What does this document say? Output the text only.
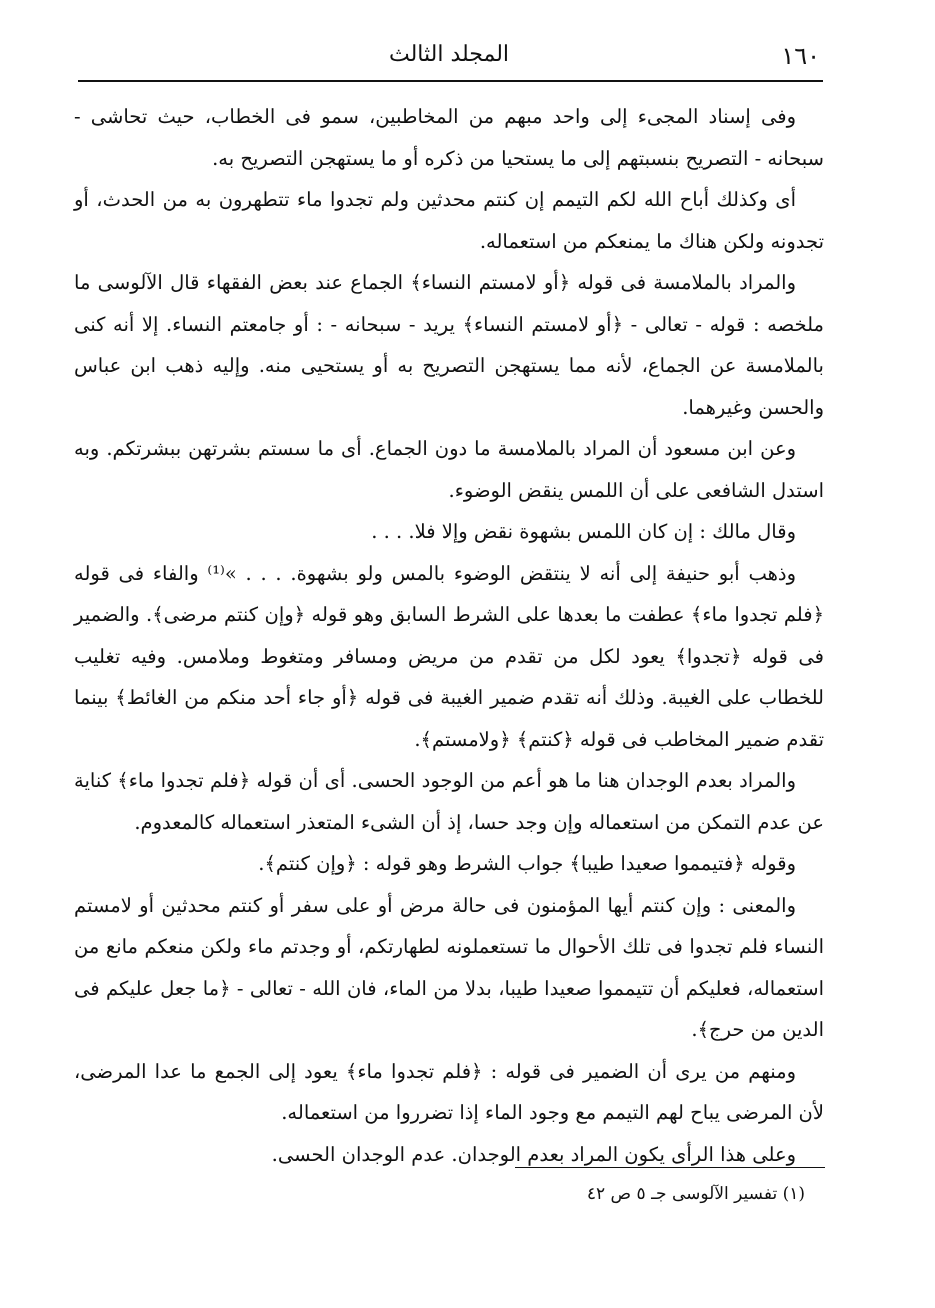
١٦٠
المجلد الثالث

وفى إسناد المجىء إلى واحد مبهم من المخاطبين، سمو فى الخطاب، حيث تحاشى - سبحانه - التصريح بنسبتهم إلى ما يستحيا من ذكره أو ما يستهجن التصريح به.

أى وكذلك أباح الله لكم التيمم إن كنتم محدثين ولم تجدوا ماء تتطهرون به من الحدث، أو تجدونه ولكن هناك ما يمنعكم من استعماله.

والمراد بالملامسة فى قوله ﴿أو لامستم النساء﴾ الجماع عند بعض الفقهاء قال الآلوسى ما ملخصه : قوله - تعالى - ﴿أو لامستم النساء﴾ يريد - سبحانه - : أو جامعتم النساء. إلا أنه كنى بالملامسة عن الجماع، لأنه مما يستهجن التصريح به أو يستحيى منه. وإليه ذهب ابن عباس والحسن وغيرهما.

وعن ابن مسعود أن المراد بالملامسة ما دون الجماع. أى ما سستم بشرتهن ببشرتكم. وبه استدل الشافعى على أن اللمس ينقض الوضوء.

وقال مالك : إن كان اللمس بشهوة نقض وإلا فلا. . . .

وذهب أبو حنيفة إلى أنه لا ينتقض الوضوء بالمس ولو بشهوة. . . . »⁽¹⁾ والفاء فى قوله ﴿فلم تجدوا ماء﴾ عطفت ما بعدها على الشرط السابق وهو قوله ﴿وإن كنتم مرضى﴾. والضمير فى قوله ﴿تجدوا﴾ يعود لكل من تقدم من مريض ومسافر ومتغوط وملامس. وفيه تغليب للخطاب على الغيبة. وذلك أنه تقدم ضمير الغيبة فى قوله ﴿أو جاء أحد منكم من الغائط﴾ بينما تقدم ضمير المخاطب فى قوله ﴿كنتم﴾ ﴿ولامستم﴾.

والمراد بعدم الوجدان هنا ما هو أعم من الوجود الحسى. أى أن قوله ﴿فلم تجدوا ماء﴾ كناية عن عدم التمكن من استعماله وإن وجد حسا، إذ أن الشىء المتعذر استعماله كالمعدوم.

وقوله ﴿فتيمموا صعيدا طيبا﴾ جواب الشرط وهو قوله : ﴿وإن كنتم﴾.

والمعنى : وإن كنتم أيها المؤمنون فى حالة مرض أو على سفر أو كنتم محدثين أو لامستم النساء فلم تجدوا فى تلك الأحوال ما تستعملونه لطهارتكم، أو وجدتم ماء ولكن منعكم مانع من استعماله، فعليكم أن تتيمموا صعيدا طيبا، بدلا من الماء، فان الله - تعالى - ﴿ما جعل عليكم فى الدين من حرج﴾.

ومنهم من يرى أن الضمير فى قوله : ﴿فلم تجدوا ماء﴾ يعود إلى الجمع ما عدا المرضى، لأن المرضى يباح لهم التيمم مع وجود الماء إذا تضرروا من استعماله.

وعلى هذا الرأى يكون المراد بعدم الوجدان. عدم الوجدان الحسى.

(١) تفسير الآلوسى جـ ٥ ص ٤٢
